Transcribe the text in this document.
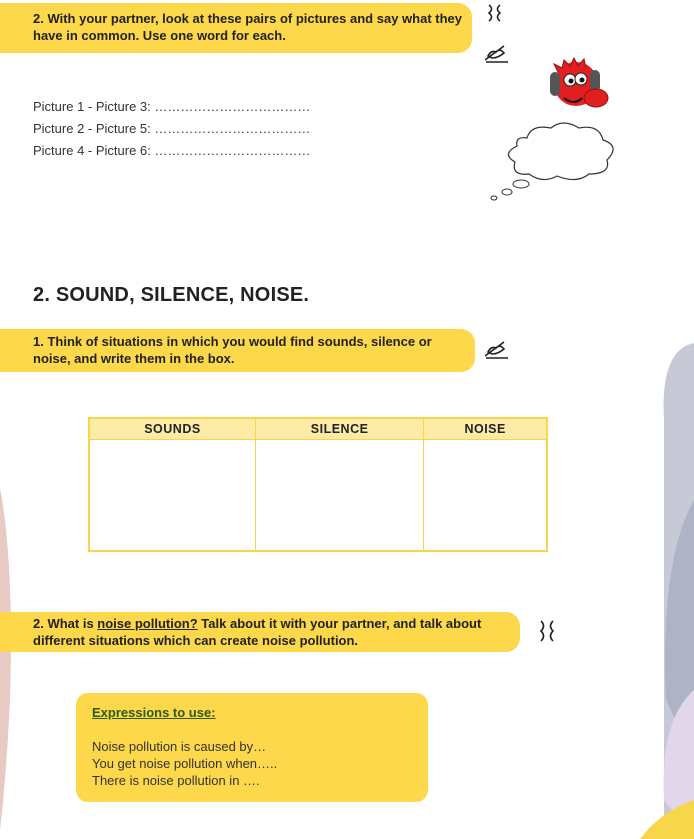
2. With your partner, look at these pairs of pictures and say what they have in common. Use one word for each.
Picture 1 - Picture 3: ………………………………
Picture 2 - Picture 5: ………………………………
Picture 4 - Picture 6: ………………………………
2. SOUND, SILENCE, NOISE.
1. Think of situations in which you would find sounds, silence or noise, and write them in the box.
SOUNDS	SILENCE	NOISE

2. What is noise pollution? Talk about it with your partner, and talk about different situations which can create noise pollution.
Expressions to use:
Noise pollution is caused by…
You get noise pollution when…..
There is noise pollution in ….
